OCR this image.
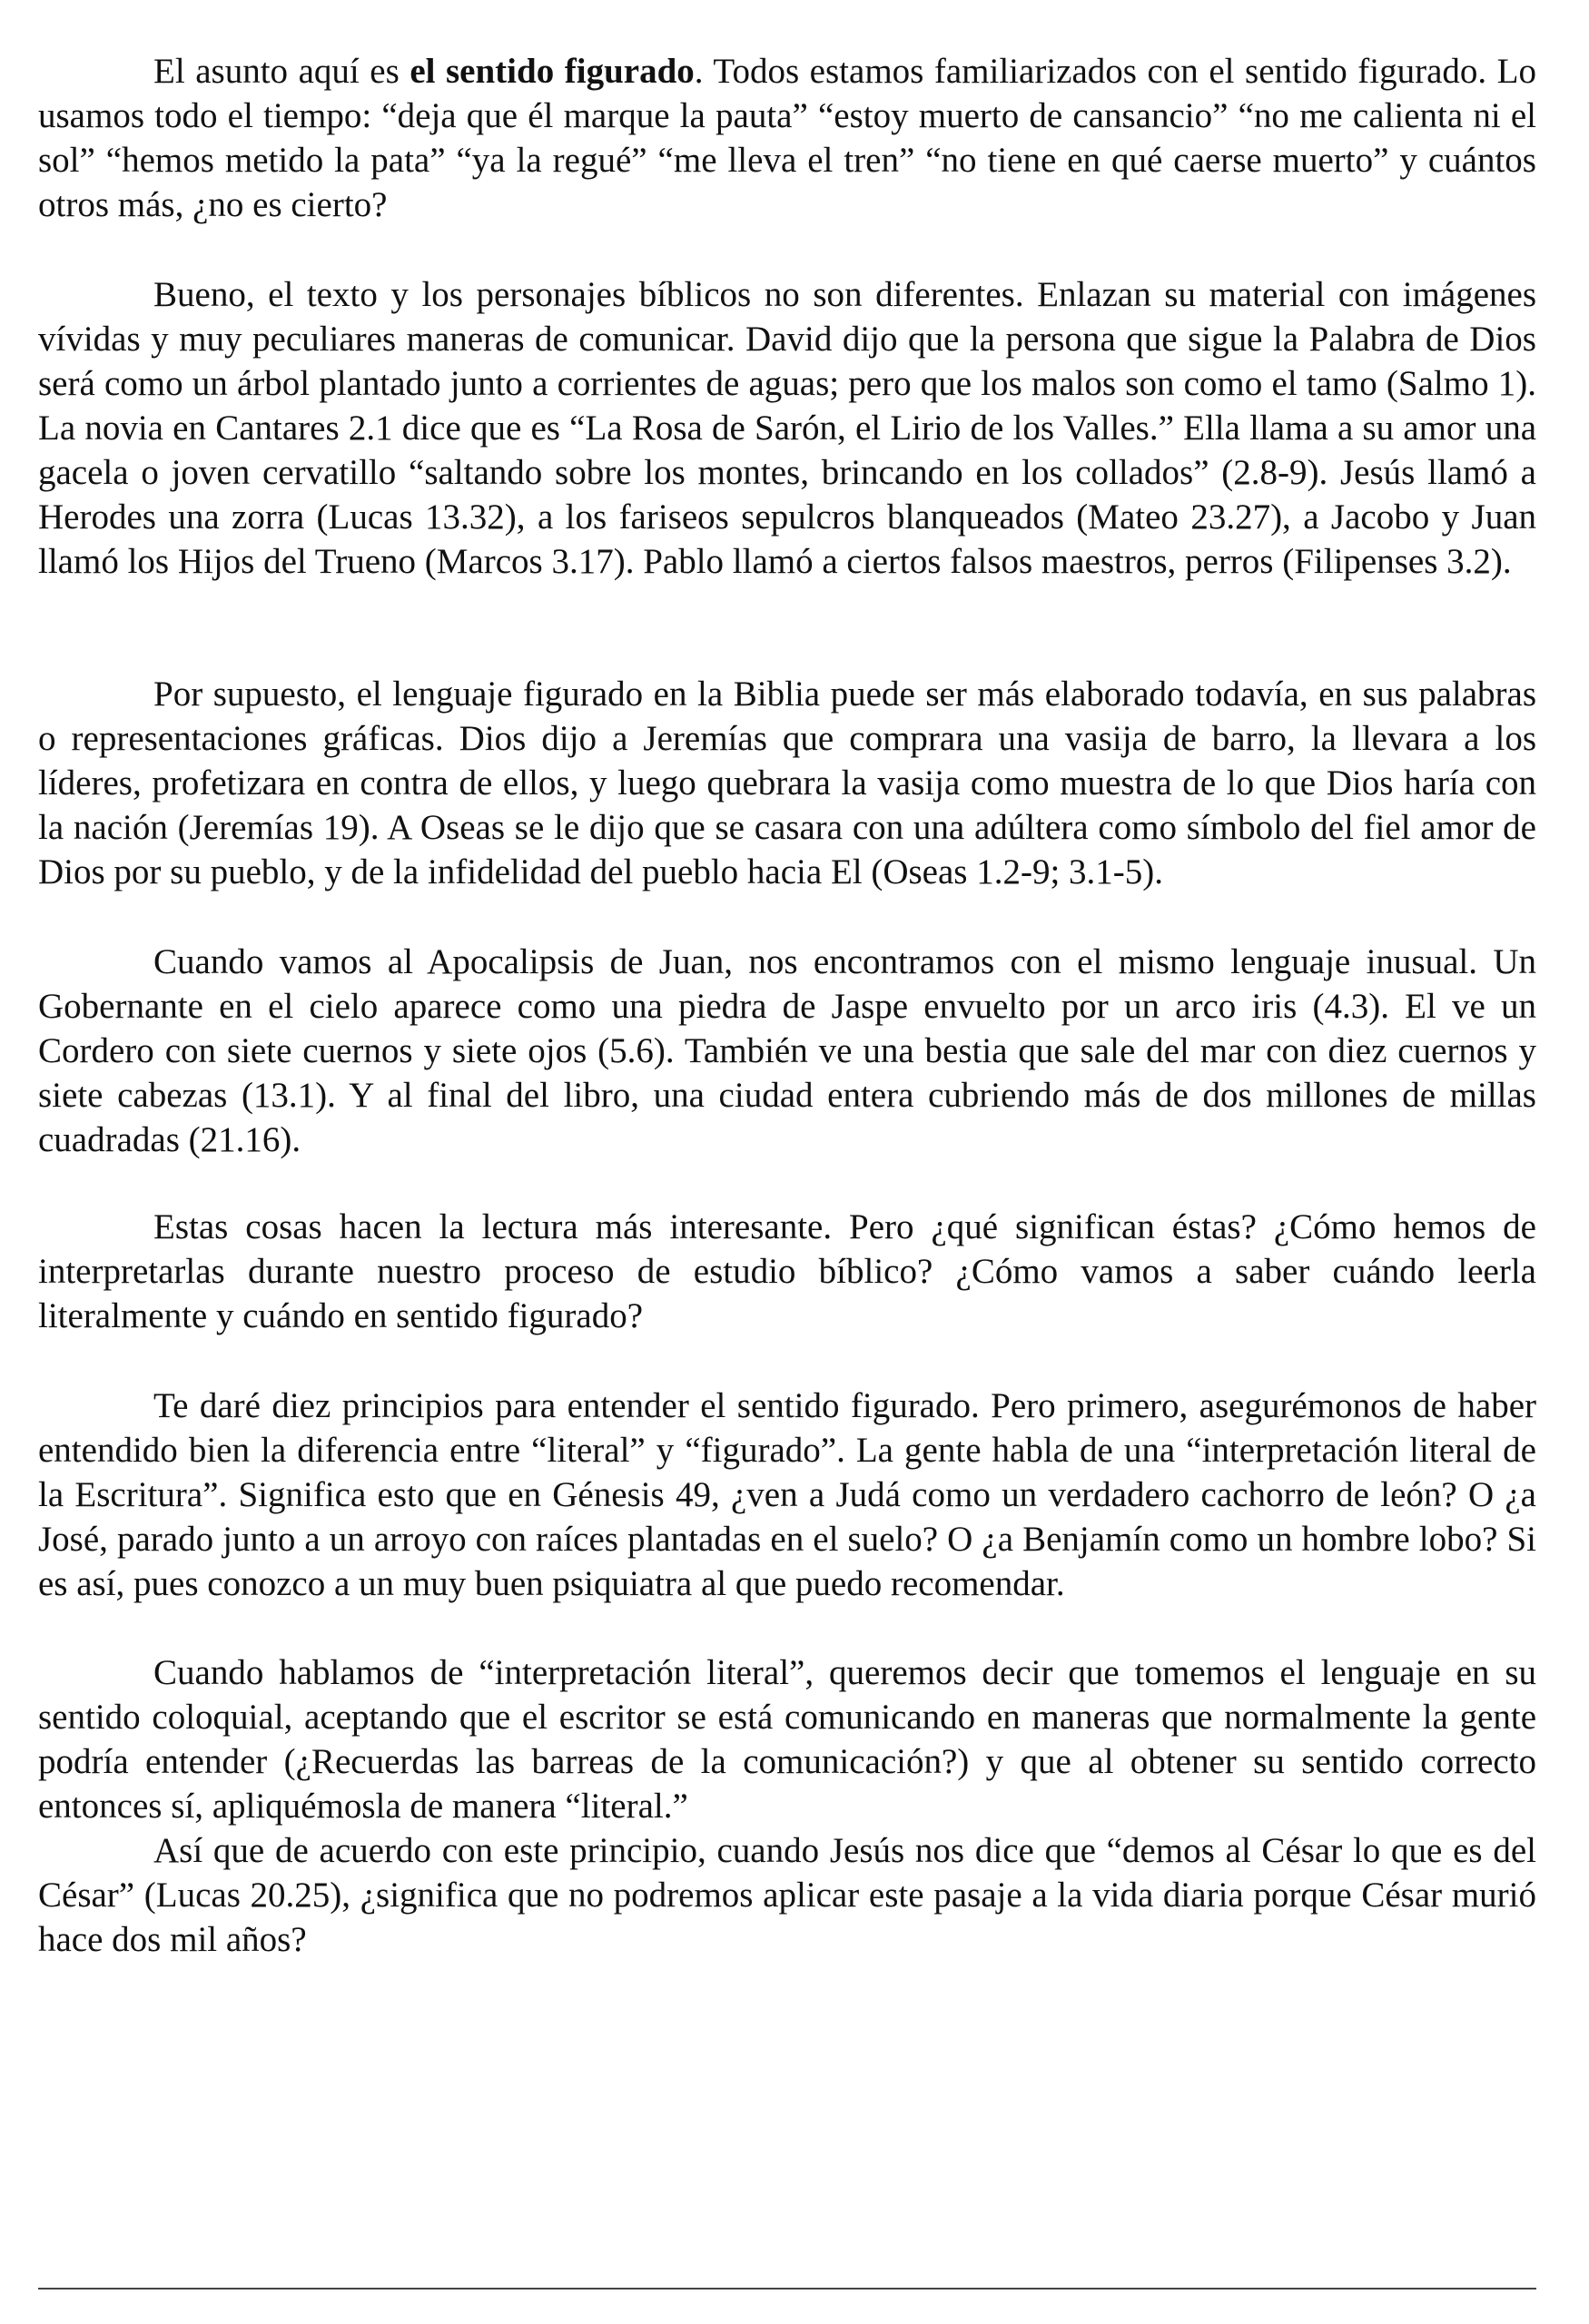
El asunto aquí es el sentido figurado. Todos estamos familiarizados con el sentido figurado. Lo usamos todo el tiempo: “deja que él marque la pauta” “estoy muerto de cansancio” “no me calienta ni el sol” “hemos metido la pata” “ya la regué” “me lleva el tren” “no tiene en qué caerse muerto” y cuántos otros más, ¿no es cierto?

Bueno, el texto y los personajes bíblicos no son diferentes. Enlazan su material con imágenes vívidas y muy peculiares maneras de comunicar. David dijo que la persona que sigue la Palabra de Dios será como un árbol plantado junto a corrientes de aguas; pero que los malos son como el tamo (Salmo 1). La novia en Cantares 2.1 dice que es “La Rosa de Sarón, el Lirio de los Valles.” Ella llama a su amor una gacela o joven cervatillo “saltando sobre los montes, brincando en los collados” (2.8-9). Jesús llamó a Herodes una zorra (Lucas 13.32), a los fariseos sepulcros blanqueados (Mateo 23.27), a Jacobo y Juan llamó los Hijos del Trueno (Marcos 3.17). Pablo llamó a ciertos falsos maestros, perros (Filipenses 3.2).

Por supuesto, el lenguaje figurado en la Biblia puede ser más elaborado todavía, en sus palabras o representaciones gráficas. Dios dijo a Jeremías que comprara una vasija de barro, la llevara a los líderes, profetizara en contra de ellos, y luego quebrara la vasija como muestra de lo que Dios haría con la nación (Jeremías 19). A Oseas se le dijo que se casara con una adúltera como símbolo del fiel amor de Dios por su pueblo, y de la infidelidad del pueblo hacia El (Oseas 1.2-9; 3.1-5).

Cuando vamos al Apocalipsis de Juan, nos encontramos con el mismo lenguaje inusual. Un Gobernante en el cielo aparece como una piedra de Jaspe envuelto por un arco iris (4.3). El ve un Cordero con siete cuernos y siete ojos (5.6). También ve una bestia que sale del mar con diez cuernos y siete cabezas (13.1). Y al final del libro, una ciudad entera cubriendo más de dos millones de millas cuadradas (21.16).

Estas cosas hacen la lectura más interesante. Pero ¿qué significan éstas? ¿Cómo hemos de interpretarlas durante nuestro proceso de estudio bíblico? ¿Cómo vamos a saber cuándo leerla literalmente y cuándo en sentido figurado?

Te daré diez principios para entender el sentido figurado. Pero primero, asegurémonos de haber entendido bien la diferencia entre “literal” y “figurado”. La gente habla de una “interpretación literal de la Escritura”. Significa esto que en Génesis 49, ¿ven a Judá como un verdadero cachorro de león? O ¿a José, parado junto a un arroyo con raíces plantadas en el suelo? O ¿a Benjamín como un hombre lobo? Si es así, pues conozco a un muy buen psiquiatra al que puedo recomendar.

Cuando hablamos de “interpretación literal”, queremos decir que tomemos el lenguaje en su sentido coloquial, aceptando que el escritor se está comunicando en maneras que normalmente la gente podría entender (¿Recuerdas las barreas de la comunicación?) y que al obtener su sentido correcto entonces sí, apliquémosla de manera “literal.”

Así que de acuerdo con este principio, cuando Jesús nos dice que “demos al César lo que es del César” (Lucas 20.25), ¿significa que no podremos aplicar este pasaje a la vida diaria porque César murió hace dos mil años?
